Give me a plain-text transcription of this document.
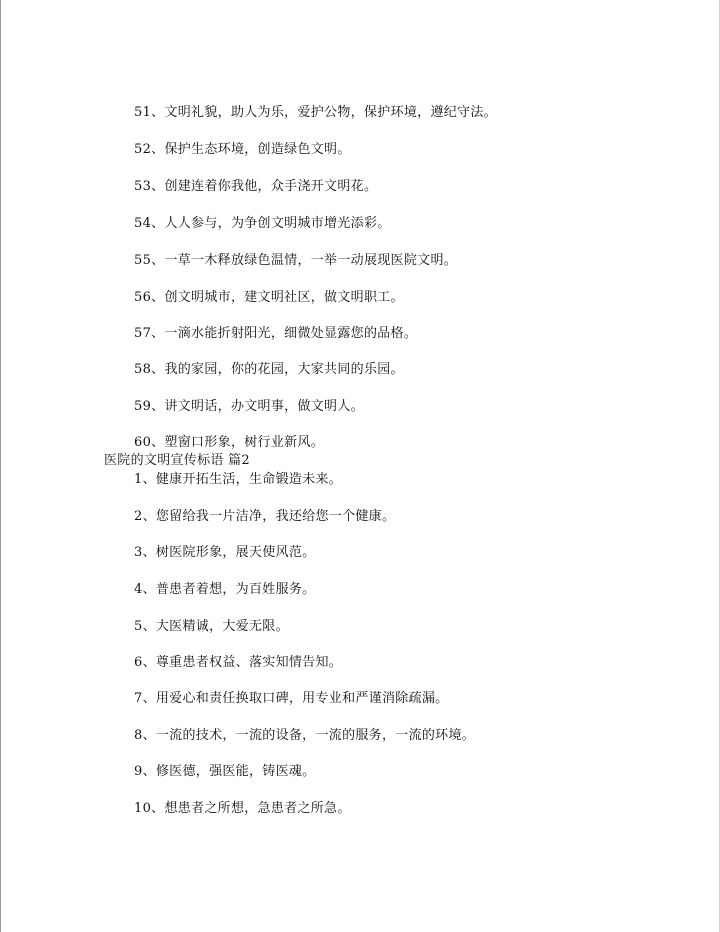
51、文明礼貌，助人为乐，爱护公物，保护环境，遵纪守法。
52、保护生态环境，创造绿色文明。
53、创建连着你我他，众手浇开文明花。
54、人人参与，为争创文明城市增光添彩。
55、一草一木释放绿色温情，一举一动展现医院文明。
56、创文明城市，建文明社区，做文明职工。
57、一滴水能折射阳光，细微处显露您的品格。
58、我的家园，你的花园，大家共同的乐园。
59、讲文明话，办文明事，做文明人。
60、塑窗口形象，树行业新风。
医院的文明宣传标语 篇2
1、健康开拓生活，生命锻造未来。
2、您留给我一片洁净，我还给您一个健康。
3、树医院形象，展天使风范。
4、普患者着想，为百姓服务。
5、大医精诚，大爱无限。
6、尊重患者权益、落实知情告知。
7、用爱心和责任换取口碑，用专业和严谨消除疏漏。
8、一流的技术，一流的设备，一流的服务，一流的环境。
9、修医德，强医能，铸医魂。
10、想患者之所想，急患者之所急。
